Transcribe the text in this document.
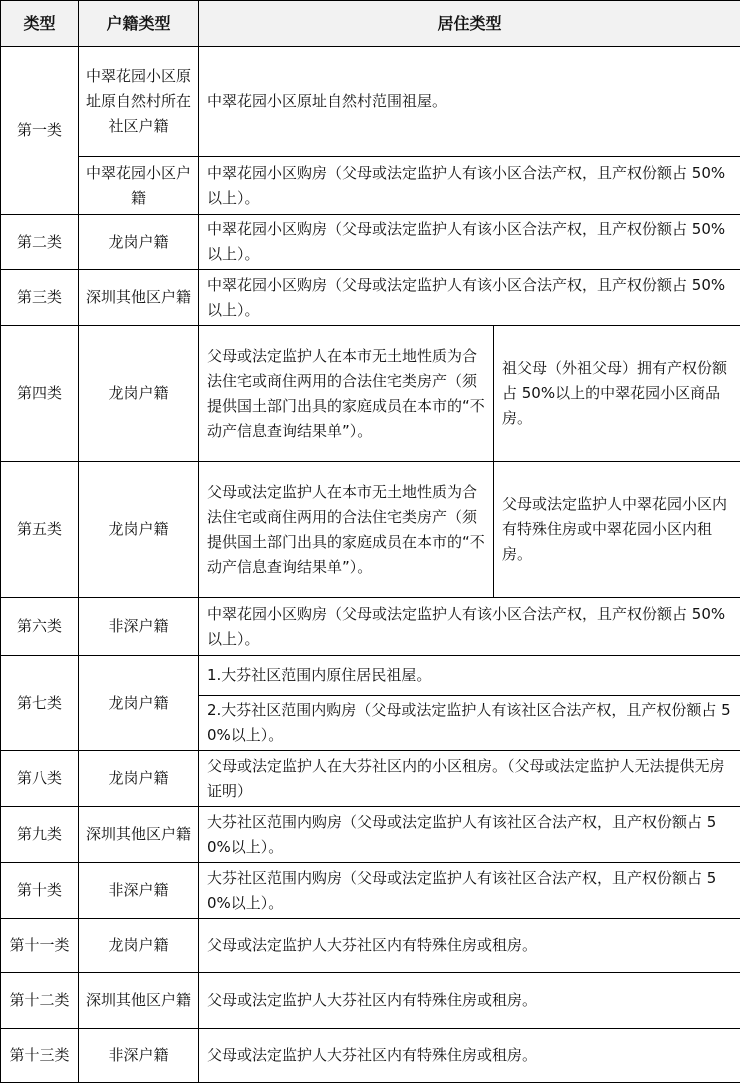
类型	户籍类型	居住类型	
第一类	中翠花园小区原址原自然村所在社区户籍	中翠花园小区原址自然村范围祖屋。	
	中翠花园小区户籍	中翠花园小区购房（父母或法定监护人有该小区合法产权，且产权份额占 50%以上）。	
第二类	龙岗户籍	中翠花园小区购房（父母或法定监护人有该小区合法产权，且产权份额占 50%以上）。	
第三类	深圳其他区户籍	中翠花园小区购房（父母或法定监护人有该小区合法产权，且产权份额占 50%以上）。	
第四类	龙岗户籍	父母或法定监护人在本市无土地性质为合法住宅或商住两用的合法住宅类房产（须提供国土部门出具的家庭成员在本市的“不动产信息查询结果单”）。	祖父母（外祖父母）拥有产权份额占 50%以上的中翠花园小区商品房。
第五类	龙岗户籍	父母或法定监护人在本市无土地性质为合法住宅或商住两用的合法住宅类房产（须提供国土部门出具的家庭成员在本市的“不动产信息查询结果单”）。	父母或法定监护人中翠花园小区内有特殊住房或中翠花园小区内租房。
第六类	非深户籍	中翠花园小区购房（父母或法定监护人有该小区合法产权，且产权份额占 50%以上）。	
第七类	龙岗户籍	1.大芬社区范围内原住居民祖屋。	
		2.大芬社区范围内购房（父母或法定监护人有该社区合法产权，且产权份额占 50%以上）。	
第八类	龙岗户籍	父母或法定监护人在大芬社区内的小区租房。（父母或法定监护人无法提供无房证明）	
第九类	深圳其他区户籍	大芬社区范围内购房（父母或法定监护人有该社区合法产权，且产权份额占 50%以上）。	
第十类	非深户籍	大芬社区范围内购房（父母或法定监护人有该社区合法产权，且产权份额占 50%以上）。	
第十一类	龙岗户籍	父母或法定监护人大芬社区内有特殊住房或租房。	
第十二类	深圳其他区户籍	父母或法定监护人大芬社区内有特殊住房或租房。	
第十三类	非深户籍	父母或法定监护人大芬社区内有特殊住房或租房。	
